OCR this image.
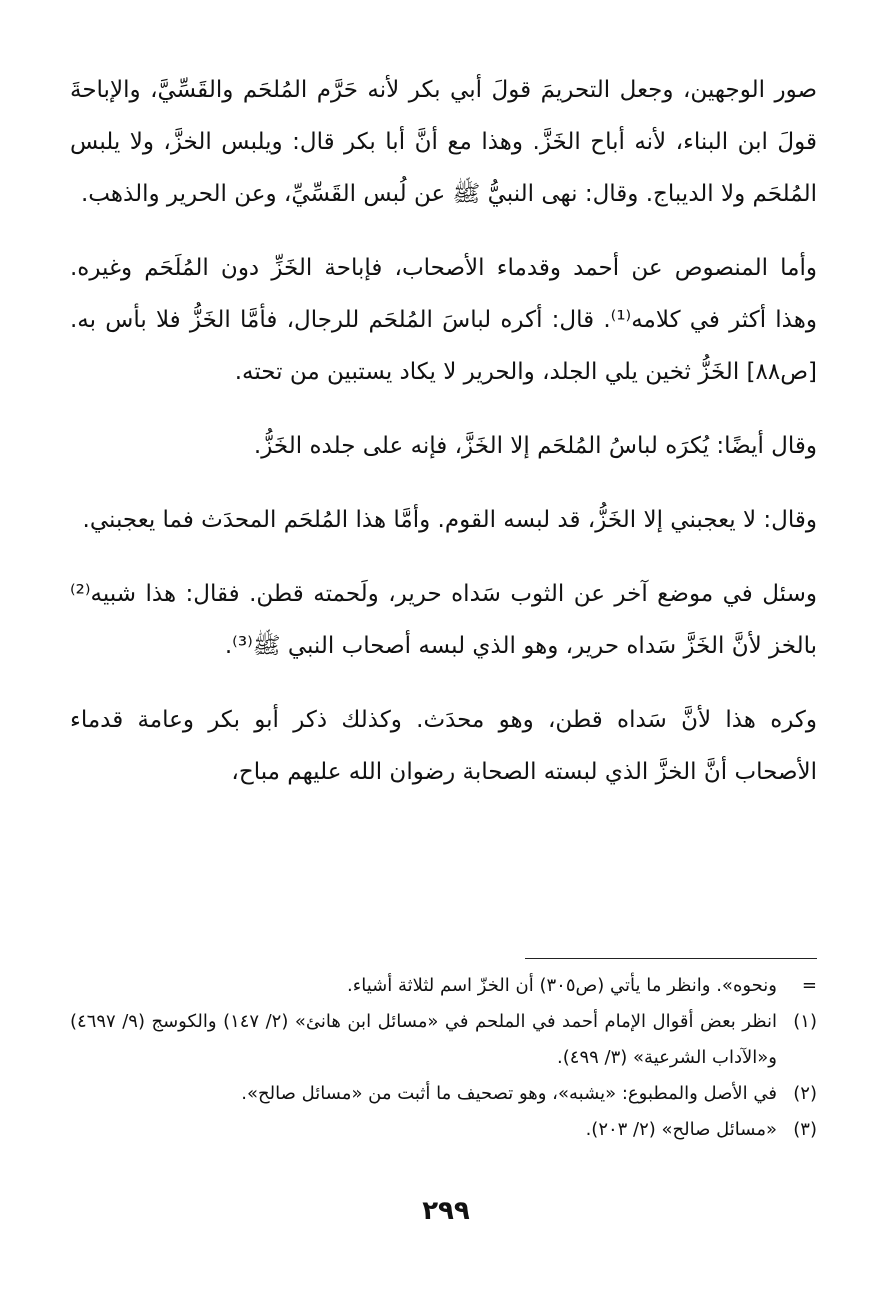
صور الوجهين، وجعل التحريمَ قولَ أبي بكر لأنه حَرَّم المُلحَم والقَسِّيَّ، والإباحةَ قولَ ابن البناء، لأنه أباح الخَزَّ. وهذا مع أنَّ أبا بكر قال: ويلبس الخزَّ، ولا يلبس المُلحَم ولا الديباج. وقال: نهى النبيُّ ﷺ عن لُبس القَسِّيِّ، وعن الحرير والذهب.

وأما المنصوص عن أحمد وقدماء الأصحاب، فإباحة الخَزِّ دون المُلَحَم وغيره. وهذا أكثر في كلامه⁽¹⁾. قال: أكره لباسَ المُلحَم للرجال، فأمَّا الخَزُّ فلا بأس به. [ص٨٨] الخَزُّ ثخين يلي الجلد، والحرير لا يكاد يستبين من تحته.

وقال أيضًا: يُكرَه لباسُ المُلحَم إلا الخَزَّ، فإنه على جلده الخَزُّ.

وقال: لا يعجبني إلا الخَزُّ، قد لبسه القوم. وأمَّا هذا المُلحَم المحدَث فما يعجبني.

وسئل في موضع آخر عن الثوب سَداه حرير، ولَحمته قطن. فقال: هذا شبيه⁽²⁾ بالخز لأنَّ الخَزَّ سَداه حرير، وهو الذي لبسه أصحاب النبي ﷺ⁽³⁾.

وكره هذا لأنَّ سَداه قطن، وهو محدَث. وكذلك ذكر أبو بكر وعامة قدماء الأصحاب أنَّ الخزَّ الذي لبسته الصحابة رضوان الله عليهم مباح،

=
ونحوه». وانظر ما يأتي (ص٣٠٥) أن الخزّ اسم لثلاثة أشياء.
(١)
انظر بعض أقوال الإمام أحمد في الملحم في «مسائل ابن هانئ» (٢/ ١٤٧) والكوسج (٩/ ٤٦٩٧) و«الآداب الشرعية» (٣/ ٤٩٩).
(٢)
في الأصل والمطبوع: «يشبه»، وهو تصحيف ما أثبت من «مسائل صالح».
(٣)
«مسائل صالح» (٢/ ٢٠٣).
٢٩٩
